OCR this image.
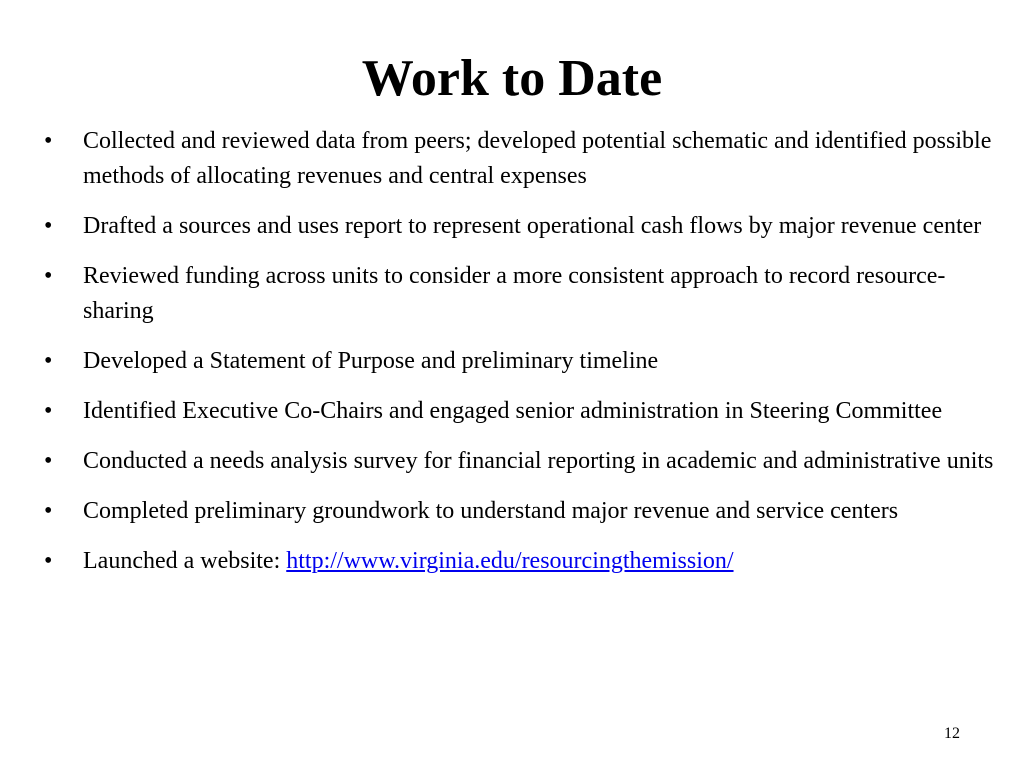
Work to Date
•	Collected and reviewed data from peers; developed potential schematic and identified possible methods of allocating revenues and central expenses
•	Drafted a sources and uses report to represent operational cash flows by major revenue center
•	Reviewed funding across units to consider a more consistent approach to record resource-sharing
•	Developed a Statement of Purpose and preliminary timeline
•	Identified Executive Co-Chairs and engaged senior administration in Steering Committee
•	Conducted a needs analysis survey for financial reporting in academic and administrative units
•	Completed preliminary groundwork to understand major revenue and service centers
•	Launched a website: http://www.virginia.edu/resourcingthemission/
12
